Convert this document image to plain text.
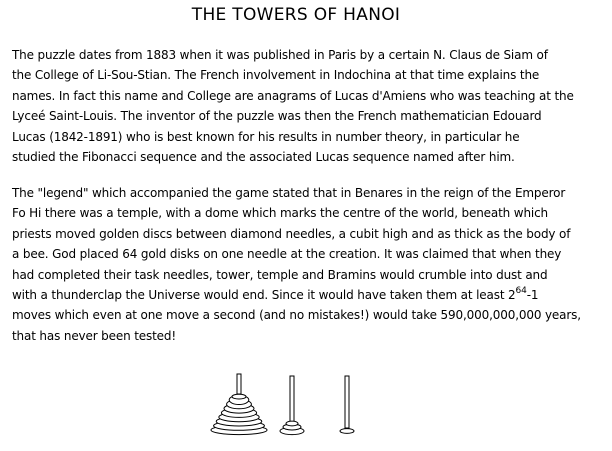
THE TOWERS OF HANOI

The puzzle dates from 1883 when it was published in Paris by a certain N. Claus de Siam of
the College of Li-Sou-Stian. The French involvement in Indochina at that time explains the
names. In fact this name and College are anagrams of Lucas d'Amiens who was teaching at the
Lyceé Saint-Louis. The inventor of the puzzle was then the French mathematician Edouard
Lucas (1842-1891) who is best known for his results in number theory, in particular he
studied the Fibonacci sequence and the associated Lucas sequence named after him.

The "legend" which accompanied the game stated that in Benares in the reign of the Emperor
Fo Hi there was a temple, with a dome which marks the centre of the world, beneath which
priests moved golden discs between diamond needles, a cubit high and as thick as the body of
a bee. God placed 64 gold disks on one needle at the creation. It was claimed that when they
had completed their task needles, tower, temple and Bramins would crumble into dust and
with a thunderclap the Universe would end. Since it would have taken them at least $2^{64}-1$
moves which even at one move a second (and no mistakes!) would take 590,000,000,000 years,
that has never been tested!
